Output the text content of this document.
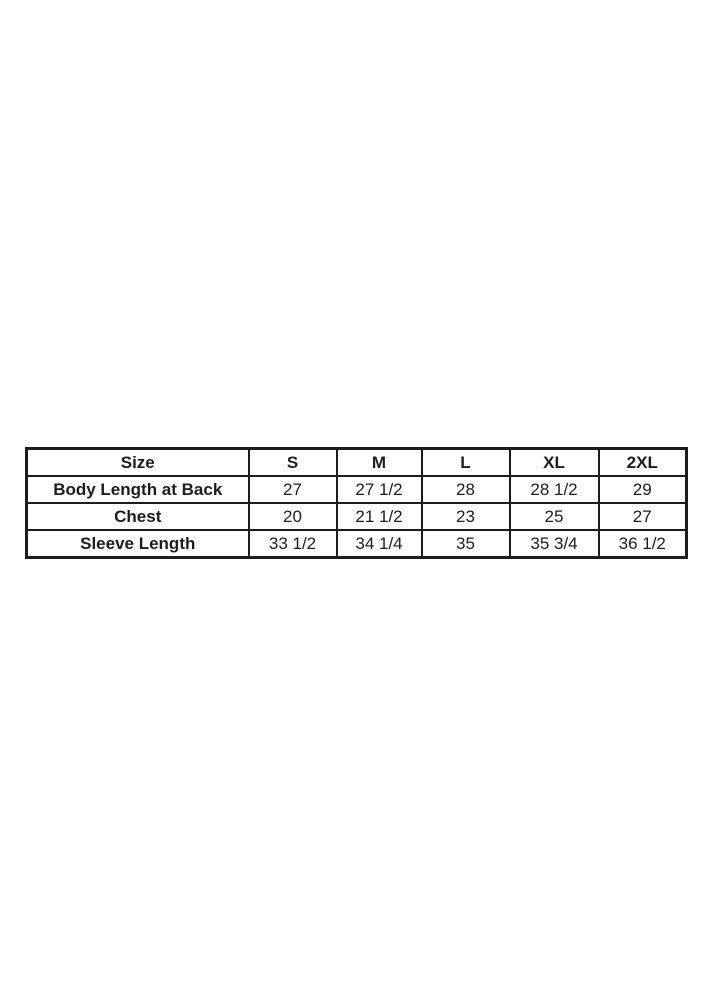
Size	S	M	L	XL	2XL
Body Length at Back	27	27 1/2	28	28 1/2	29
Chest	20	21 1/2	23	25	27
Sleeve Length	33 1/2	34 1/4	35	35 3/4	36 1/2
